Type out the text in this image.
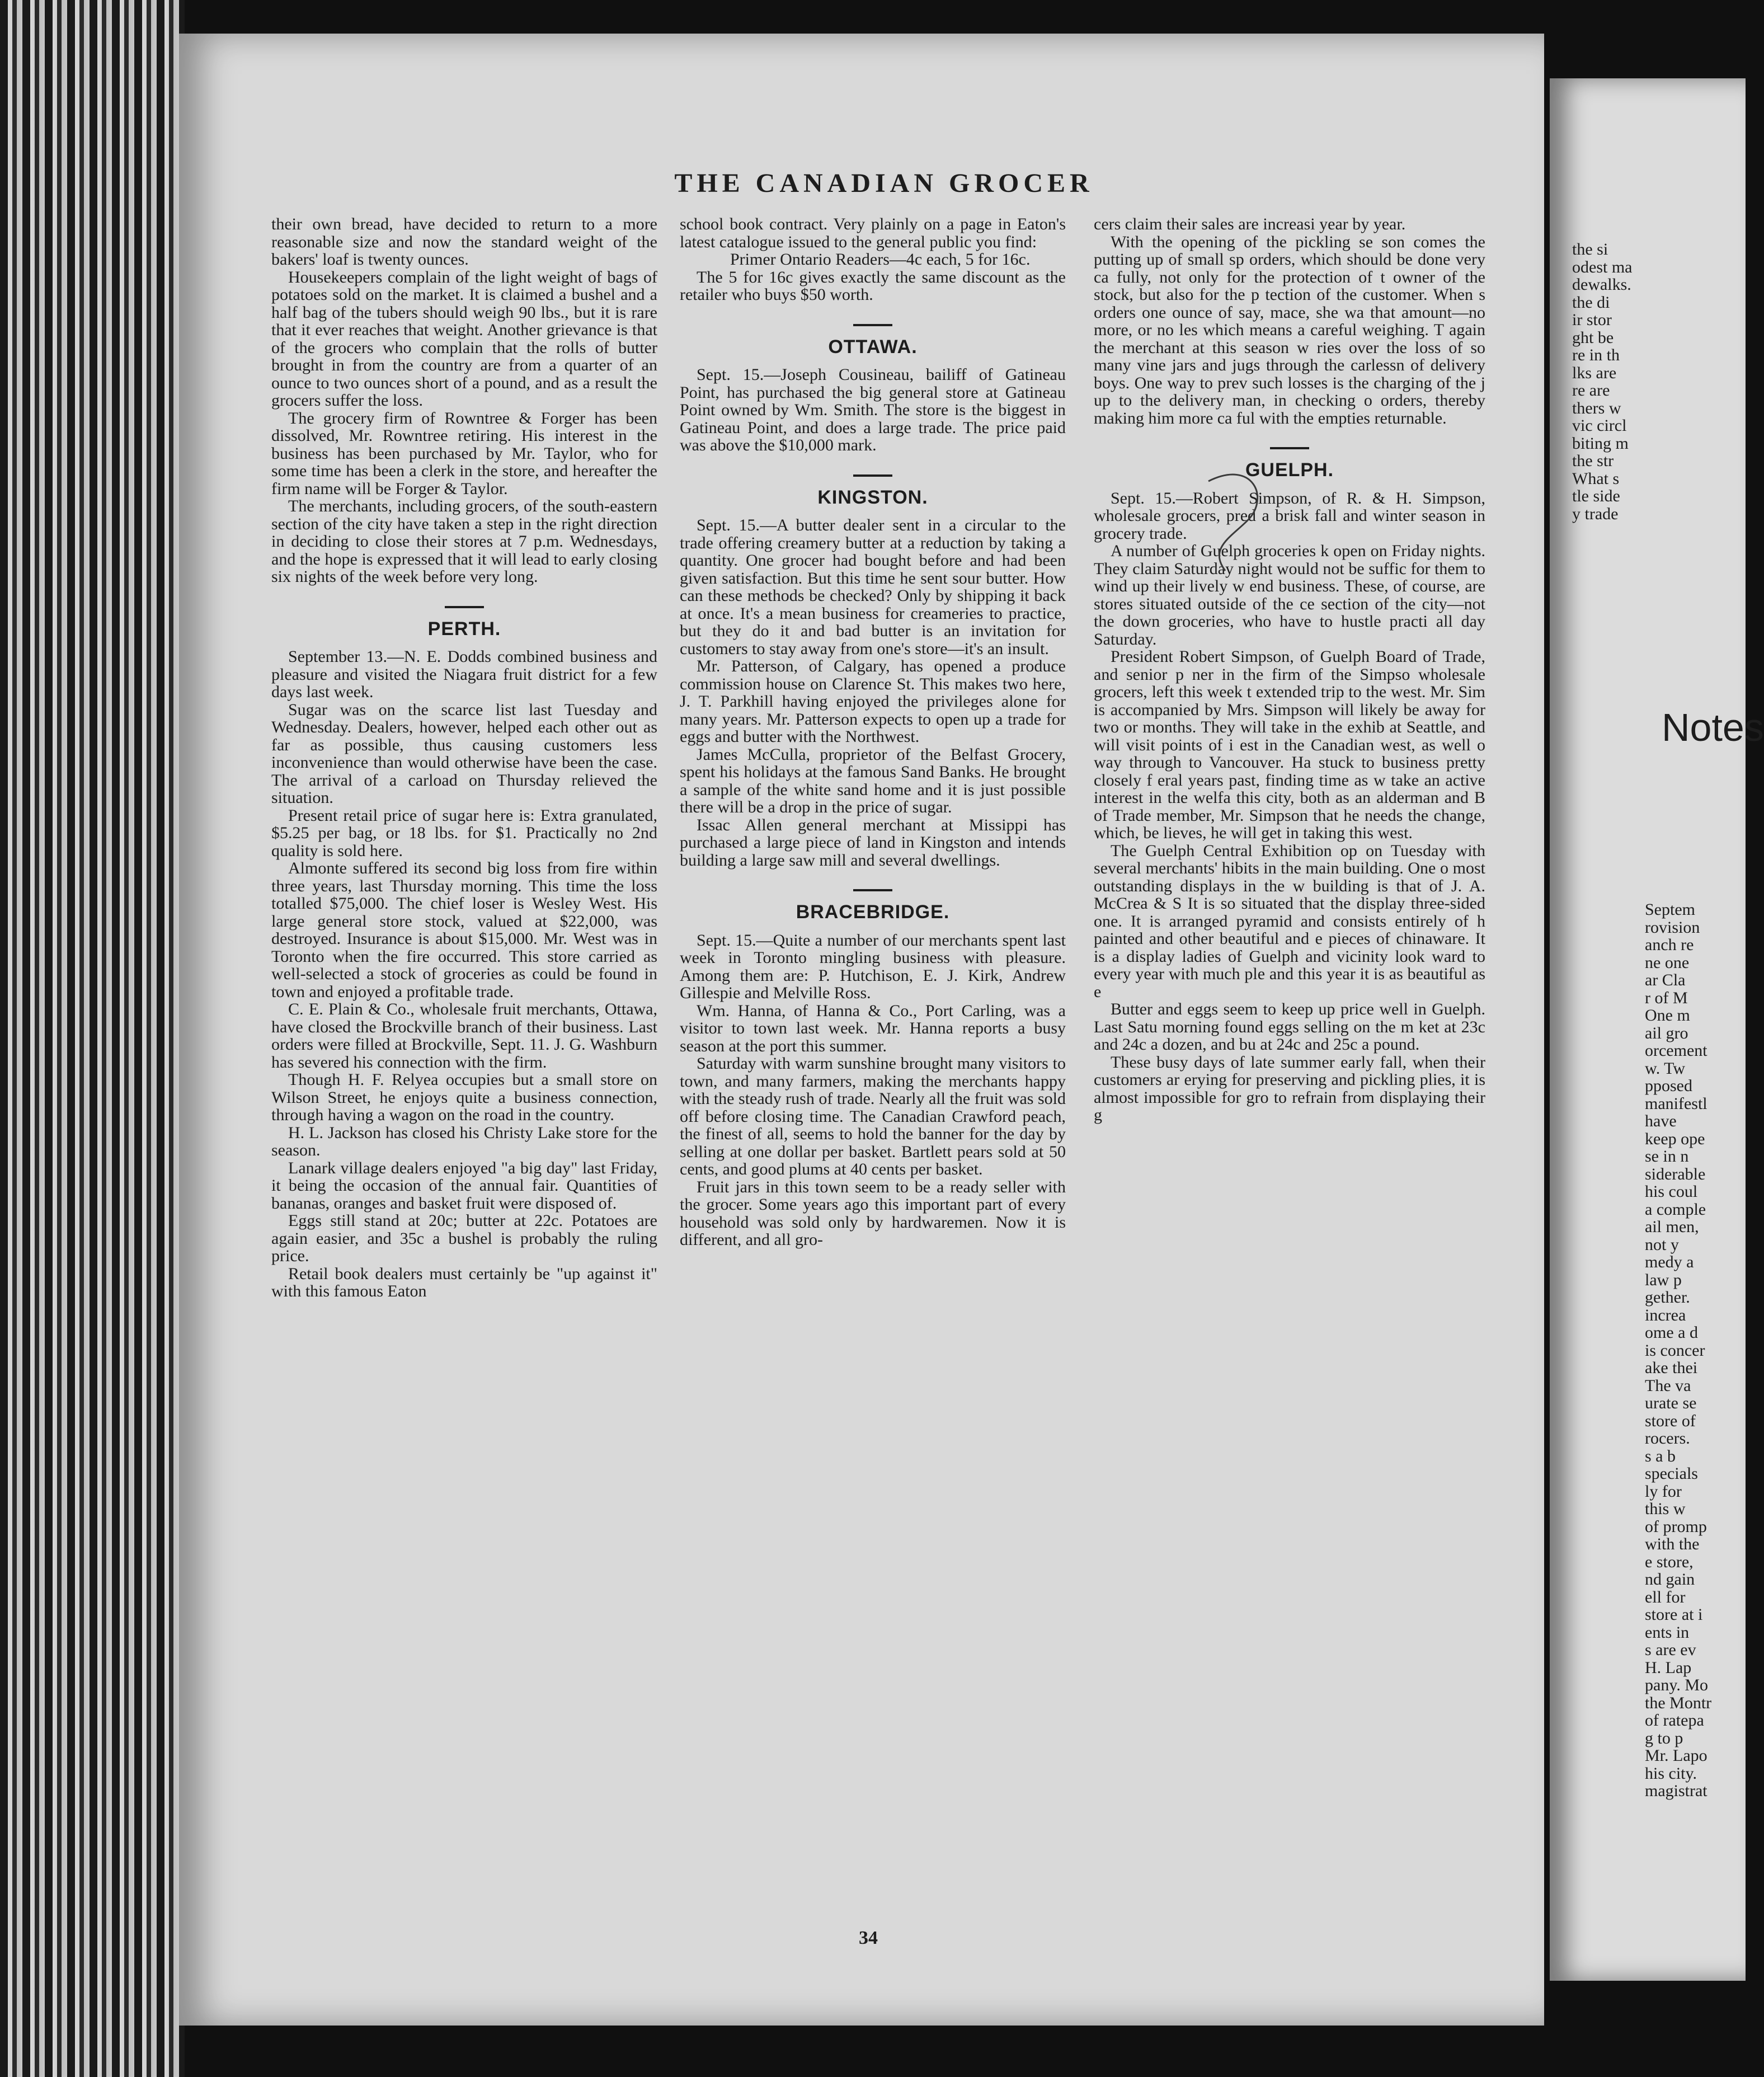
THE CANADIAN GROCER

their own bread, have decided to return to a more reasonable size and now the standard weight of the bakers' loaf is twenty ounces.

Housekeepers complain of the light weight of bags of potatoes sold on the market. It is claimed a bushel and a half bag of the tubers should weigh 90 lbs., but it is rare that it ever reaches that weight. Another grievance is that of the grocers who complain that the rolls of butter brought in from the country are from a quarter of an ounce to two ounces short of a pound, and as a result the grocers suffer the loss.

The grocery firm of Rowntree & Forger has been dissolved, Mr. Rowntree retiring. His interest in the business has been purchased by Mr. Taylor, who for some time has been a clerk in the store, and hereafter the firm name will be Forger & Taylor.

The merchants, including grocers, of the south-eastern section of the city have taken a step in the right direction in deciding to close their stores at 7 p.m. Wednesdays, and the hope is expressed that it will lead to early closing six nights of the week before very long.

PERTH.

September 13.—N. E. Dodds combined business and pleasure and visited the Niagara fruit district for a few days last week.

Sugar was on the scarce list last Tuesday and Wednesday. Dealers, however, helped each other out as far as possible, thus causing customers less inconvenience than would otherwise have been the case. The arrival of a carload on Thursday relieved the situation.

Present retail price of sugar here is: Extra granulated, $5.25 per bag, or 18 lbs. for $1. Practically no 2nd quality is sold here.

Almonte suffered its second big loss from fire within three years, last Thursday morning. This time the loss totalled $75,000. The chief loser is Wesley West. His large general store stock, valued at $22,000, was destroyed. Insurance is about $15,000. Mr. West was in Toronto when the fire occurred. This store carried as well-selected a stock of groceries as could be found in town and enjoyed a profitable trade.

C. E. Plain & Co., wholesale fruit merchants, Ottawa, have closed the Brockville branch of their business. Last orders were filled at Brockville, Sept. 11. J. G. Washburn has severed his connection with the firm.

Though H. F. Relyea occupies but a small store on Wilson Street, he enjoys quite a business connection, through having a wagon on the road in the country.

H. L. Jackson has closed his Christy Lake store for the season.

Lanark village dealers enjoyed "a big day" last Friday, it being the occasion of the annual fair. Quantities of bananas, oranges and basket fruit were disposed of.

Eggs still stand at 20c; butter at 22c. Potatoes are again easier, and 35c a bushel is probably the ruling price.

Retail book dealers must certainly be "up against it" with this famous Eaton

school book contract. Very plainly on a page in Eaton's latest catalogue issued to the general public you find:

Primer Ontario Readers—4c each, 5 for 16c.

The 5 for 16c gives exactly the same discount as the retailer who buys $50 worth.

OTTAWA.

Sept. 15.—Joseph Cousineau, bailiff of Gatineau Point, has purchased the big general store at Gatineau Point owned by Wm. Smith. The store is the biggest in Gatineau Point, and does a large trade. The price paid was above the $10,000 mark.

KINGSTON.

Sept. 15.—A butter dealer sent in a circular to the trade offering creamery butter at a reduction by taking a quantity. One grocer had bought before and had been given satisfaction. But this time he sent sour butter. How can these methods be checked? Only by shipping it back at once. It's a mean business for creameries to practice, but they do it and bad butter is an invitation for customers to stay away from one's store—it's an insult.

Mr. Patterson, of Calgary, has opened a produce commission house on Clarence St. This makes two here, J. T. Parkhill having enjoyed the privileges alone for many years. Mr. Patterson expects to open up a trade for eggs and butter with the Northwest.

James McCulla, proprietor of the Belfast Grocery, spent his holidays at the famous Sand Banks. He brought a sample of the white sand home and it is just possible there will be a drop in the price of sugar.

Issac Allen general merchant at Missippi has purchased a large piece of land in Kingston and intends building a large saw mill and several dwellings.

BRACEBRIDGE.

Sept. 15.—Quite a number of our merchants spent last week in Toronto mingling business with pleasure. Among them are: P. Hutchison, E. J. Kirk, Andrew Gillespie and Melville Ross.

Wm. Hanna, of Hanna & Co., Port Carling, was a visitor to town last week. Mr. Hanna reports a busy season at the port this summer.

Saturday with warm sunshine brought many visitors to town, and many farmers, making the merchants happy with the steady rush of trade. Nearly all the fruit was sold off before closing time. The Canadian Crawford peach, the finest of all, seems to hold the banner for the day by selling at one dollar per basket. Bartlett pears sold at 50 cents, and good plums at 40 cents per basket.

Fruit jars in this town seem to be a ready seller with the grocer. Some years ago this important part of every household was sold only by hardwaremen. Now it is different, and all gro-

cers claim their sales are increasi year by year.

With the opening of the pickling se son comes the putting up of small sp orders, which should be done very ca fully, not only for the protection of t owner of the stock, but also for the p tection of the customer. When s orders one ounce of say, mace, she wa that amount—no more, or no les which means a careful weighing. T again the merchant at this season w ries over the loss of so many vine jars and jugs through the carlessn of delivery boys. One way to prev such losses is the charging of the j up to the delivery man, in checking o orders, thereby making him more ca ful with the empties returnable.

GUELPH.

Sept. 15.—Robert Simpson, of R. & H. Simpson, wholesale grocers, pred a brisk fall and winter season in grocery trade.

A number of Guelph groceries k open on Friday nights. They claim Saturday night would not be suffic for them to wind up their lively w end business. These, of course, are stores situated outside of the ce section of the city—not the down groceries, who have to hustle practi all day Saturday.

President Robert Simpson, of Guelph Board of Trade, and senior p ner in the firm of the Simpso wholesale grocers, left this week t extended trip to the west. Mr. Sim is accompanied by Mrs. Simpson will likely be away for two or months. They will take in the exhib at Seattle, and will visit points of i est in the Canadian west, as well o way through to Vancouver. Ha stuck to business pretty closely f eral years past, finding time as w take an active interest in the welfa this city, both as an alderman and B of Trade member, Mr. Simpson that he needs the change, which, be lieves, he will get in taking this west.

The Guelph Central Exhibition op on Tuesday with several merchants' hibits in the main building. One o most outstanding displays in the w building is that of J. A. McCrea & S It is so situated that the display three-sided one. It is arranged pyramid and consists entirely of h painted and other beautiful and e pieces of chinaware. It is a display ladies of Guelph and vicinity look ward to every year with much ple and this year it is as beautiful as e

Butter and eggs seem to keep up price well in Guelph. Last Satu morning found eggs selling on the m ket at 23c and 24c a dozen, and bu at 24c and 25c a pound.

These busy days of late summer early fall, when their customers ar erying for preserving and pickling plies, it is almost impossible for gro to refrain from displaying their g

34
the si
odest ma
dewalks.
the di
ir stor
ght be
re in th
lks are
re are
thers w
vic circl
biting m
the str
What s
tle side
y trade
Notes
Septem
rovision
anch re
ne one
ar Cla
r of M
One m
ail gro
orcement
w. Tw
pposed
manifestl
have
keep ope
se in n
siderable
his coul
a comple
ail men,
not y
medy a
law p
gether.
increa
ome a d
is concer
ake thei
The va
urate se
store of
rocers.
s a b
specials
ly for
this w
of promp
with the
e store,
nd gain
ell for
store at i
ents in
s are ev
H. Lap
pany. Mo
the Montr
of ratepa
g to p
Mr. Lapo
his city.
magistrat
